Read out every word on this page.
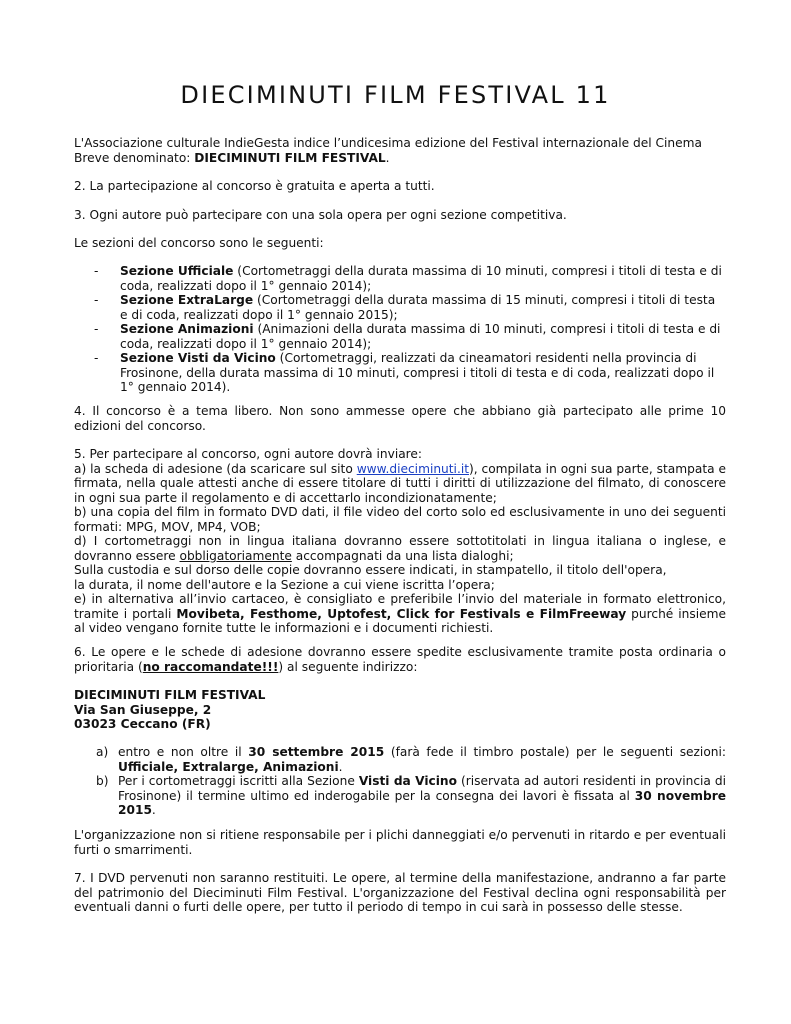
DIECIMINUTI FILM FESTIVAL 11

L'Associazione culturale IndieGesta indice l’undicesima edizione del Festival internazionale del Cinema Breve denominato: DIECIMINUTI FILM FESTIVAL.

2. La partecipazione al concorso è gratuita e aperta a tutti.

3. Ogni autore può partecipare con una sola opera per ogni sezione competitiva.

Le sezioni del concorso sono le seguenti:

- Sezione Ufficiale (Cortometraggi della durata massima di 10 minuti, compresi i titoli di testa e di coda, realizzati dopo il 1° gennaio 2014);
- Sezione ExtraLarge (Cortometraggi della durata massima di 15 minuti, compresi i titoli di testa e di coda, realizzati dopo il 1° gennaio 2015);
- Sezione Animazioni (Animazioni della durata massima di 10 minuti, compresi i titoli di testa e di coda, realizzati dopo il 1° gennaio 2014);
- Sezione Visti da Vicino (Cortometraggi, realizzati da cineamatori residenti nella provincia di Frosinone, della durata massima di 10 minuti, compresi i titoli di testa e di coda, realizzati dopo il 1° gennaio 2014).

4. Il concorso è a tema libero. Non sono ammesse opere che abbiano già partecipato alle prime 10 edizioni del concorso.

5. Per partecipare al concorso, ogni autore dovrà inviare:

a) la scheda di adesione (da scaricare sul sito www.dieciminuti.it), compilata in ogni sua parte, stampata e firmata, nella quale attesti anche di essere titolare di tutti i diritti di utilizzazione del filmato, di conoscere in ogni sua parte il regolamento e di accettarlo incondizionatamente;

b) una copia del film in formato DVD dati, il file video del corto solo ed esclusivamente in uno dei seguenti formati: MPG, MOV, MP4, VOB;

d) I cortometraggi non in lingua italiana dovranno essere sottotitolati in lingua italiana o inglese, e dovranno essere obbligatoriamente accompagnati da una lista dialoghi;

Sulla custodia e sul dorso delle copie dovranno essere indicati, in stampatello, il titolo dell'opera,

la durata, il nome dell'autore e la Sezione a cui viene iscritta l’opera;

e) in alternativa all’invio cartaceo, è consigliato e preferibile l’invio del materiale in formato elettronico, tramite i portali Movibeta, Festhome, Uptofest, Click for Festivals e FilmFreeway purché insieme al video vengano fornite tutte le informazioni e i documenti richiesti.

6. Le opere e le schede di adesione dovranno essere spedite esclusivamente tramite posta ordinaria o prioritaria (no raccomandate!!!) al seguente indirizzo:

DIECIMINUTI FILM FESTIVAL

Via San Giuseppe, 2

03023 Ceccano (FR)

a) entro e non oltre il 30 settembre 2015 (farà fede il timbro postale) per le seguenti sezioni: Ufficiale, Extralarge, Animazioni.
b) Per i cortometraggi iscritti alla Sezione Visti da Vicino (riservata ad autori residenti in provincia di Frosinone) il termine ultimo ed inderogabile per la consegna dei lavori è fissata al 30 novembre 2015.

L'organizzazione non si ritiene responsabile per i plichi danneggiati e/o pervenuti in ritardo e per eventuali furti o smarrimenti.

7. I DVD pervenuti non saranno restituiti. Le opere, al termine della manifestazione, andranno a far parte del patrimonio del Dieciminuti Film Festival. L'organizzazione del Festival declina ogni responsabilità per eventuali danni o furti delle opere, per tutto il periodo di tempo in cui sarà in possesso delle stesse.
